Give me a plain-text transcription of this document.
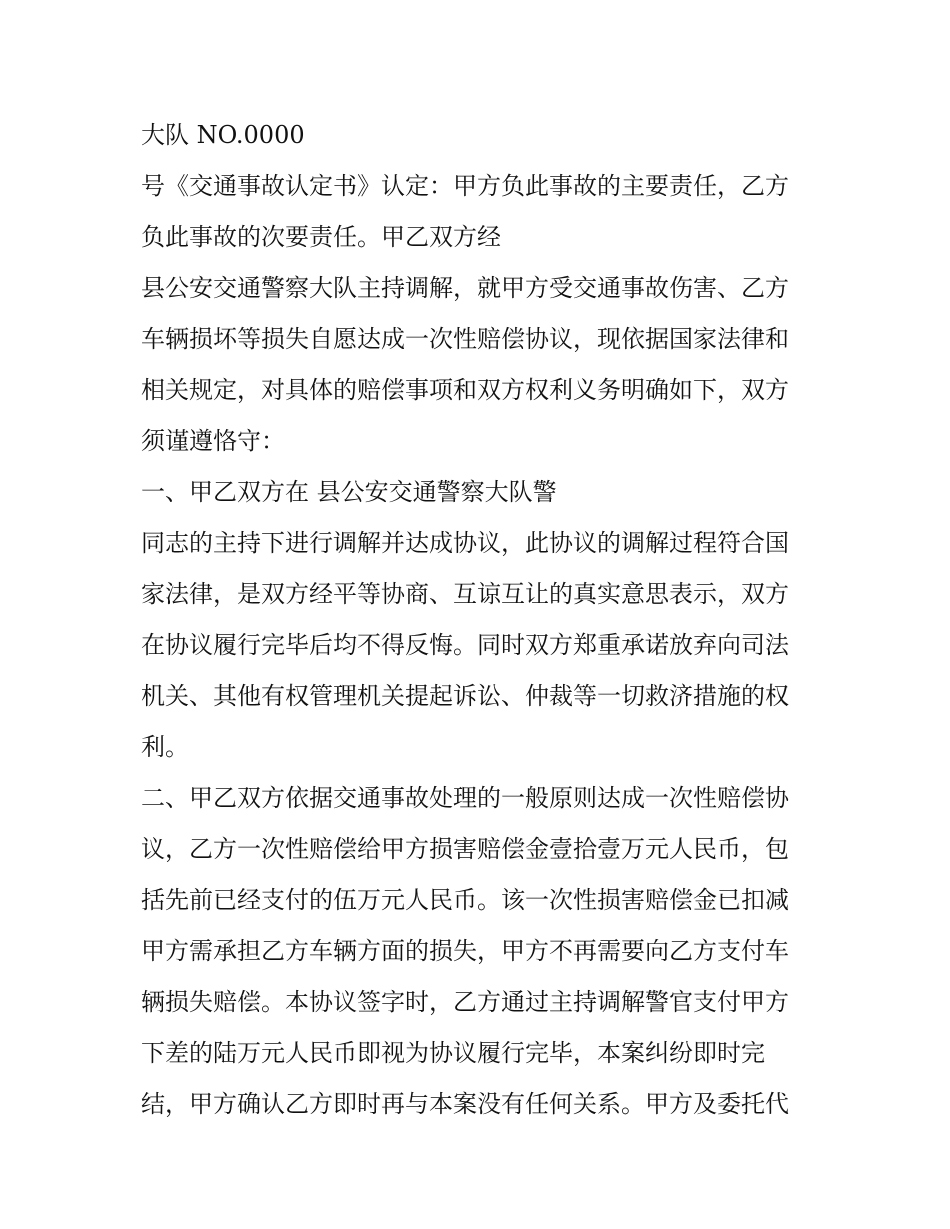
大队 NO.0000
号《交通事故认定书》认定：甲方负此事故的主要责任，乙方
负此事故的次要责任。甲乙双方经
县公安交通警察大队主持调解，就甲方受交通事故伤害、乙方
车辆损坏等损失自愿达成一次性赔偿协议，现依据国家法律和
相关规定，对具体的赔偿事项和双方权利义务明确如下，双方
须谨遵恪守：
一、甲乙双方在 县公安交通警察大队警
同志的主持下进行调解并达成协议，此协议的调解过程符合国
家法律，是双方经平等协商、互谅互让的真实意思表示，双方
在协议履行完毕后均不得反悔。同时双方郑重承诺放弃向司法
机关、其他有权管理机关提起诉讼、仲裁等一切救济措施的权
利。
二、甲乙双方依据交通事故处理的一般原则达成一次性赔偿协
议，乙方一次性赔偿给甲方损害赔偿金壹拾壹万元人民币，包
括先前已经支付的伍万元人民币。该一次性损害赔偿金已扣减
甲方需承担乙方车辆方面的损失，甲方不再需要向乙方支付车
辆损失赔偿。本协议签字时，乙方通过主持调解警官支付甲方
下差的陆万元人民币即视为协议履行完毕，本案纠纷即时完
结，甲方确认乙方即时再与本案没有任何关系。甲方及委托代
